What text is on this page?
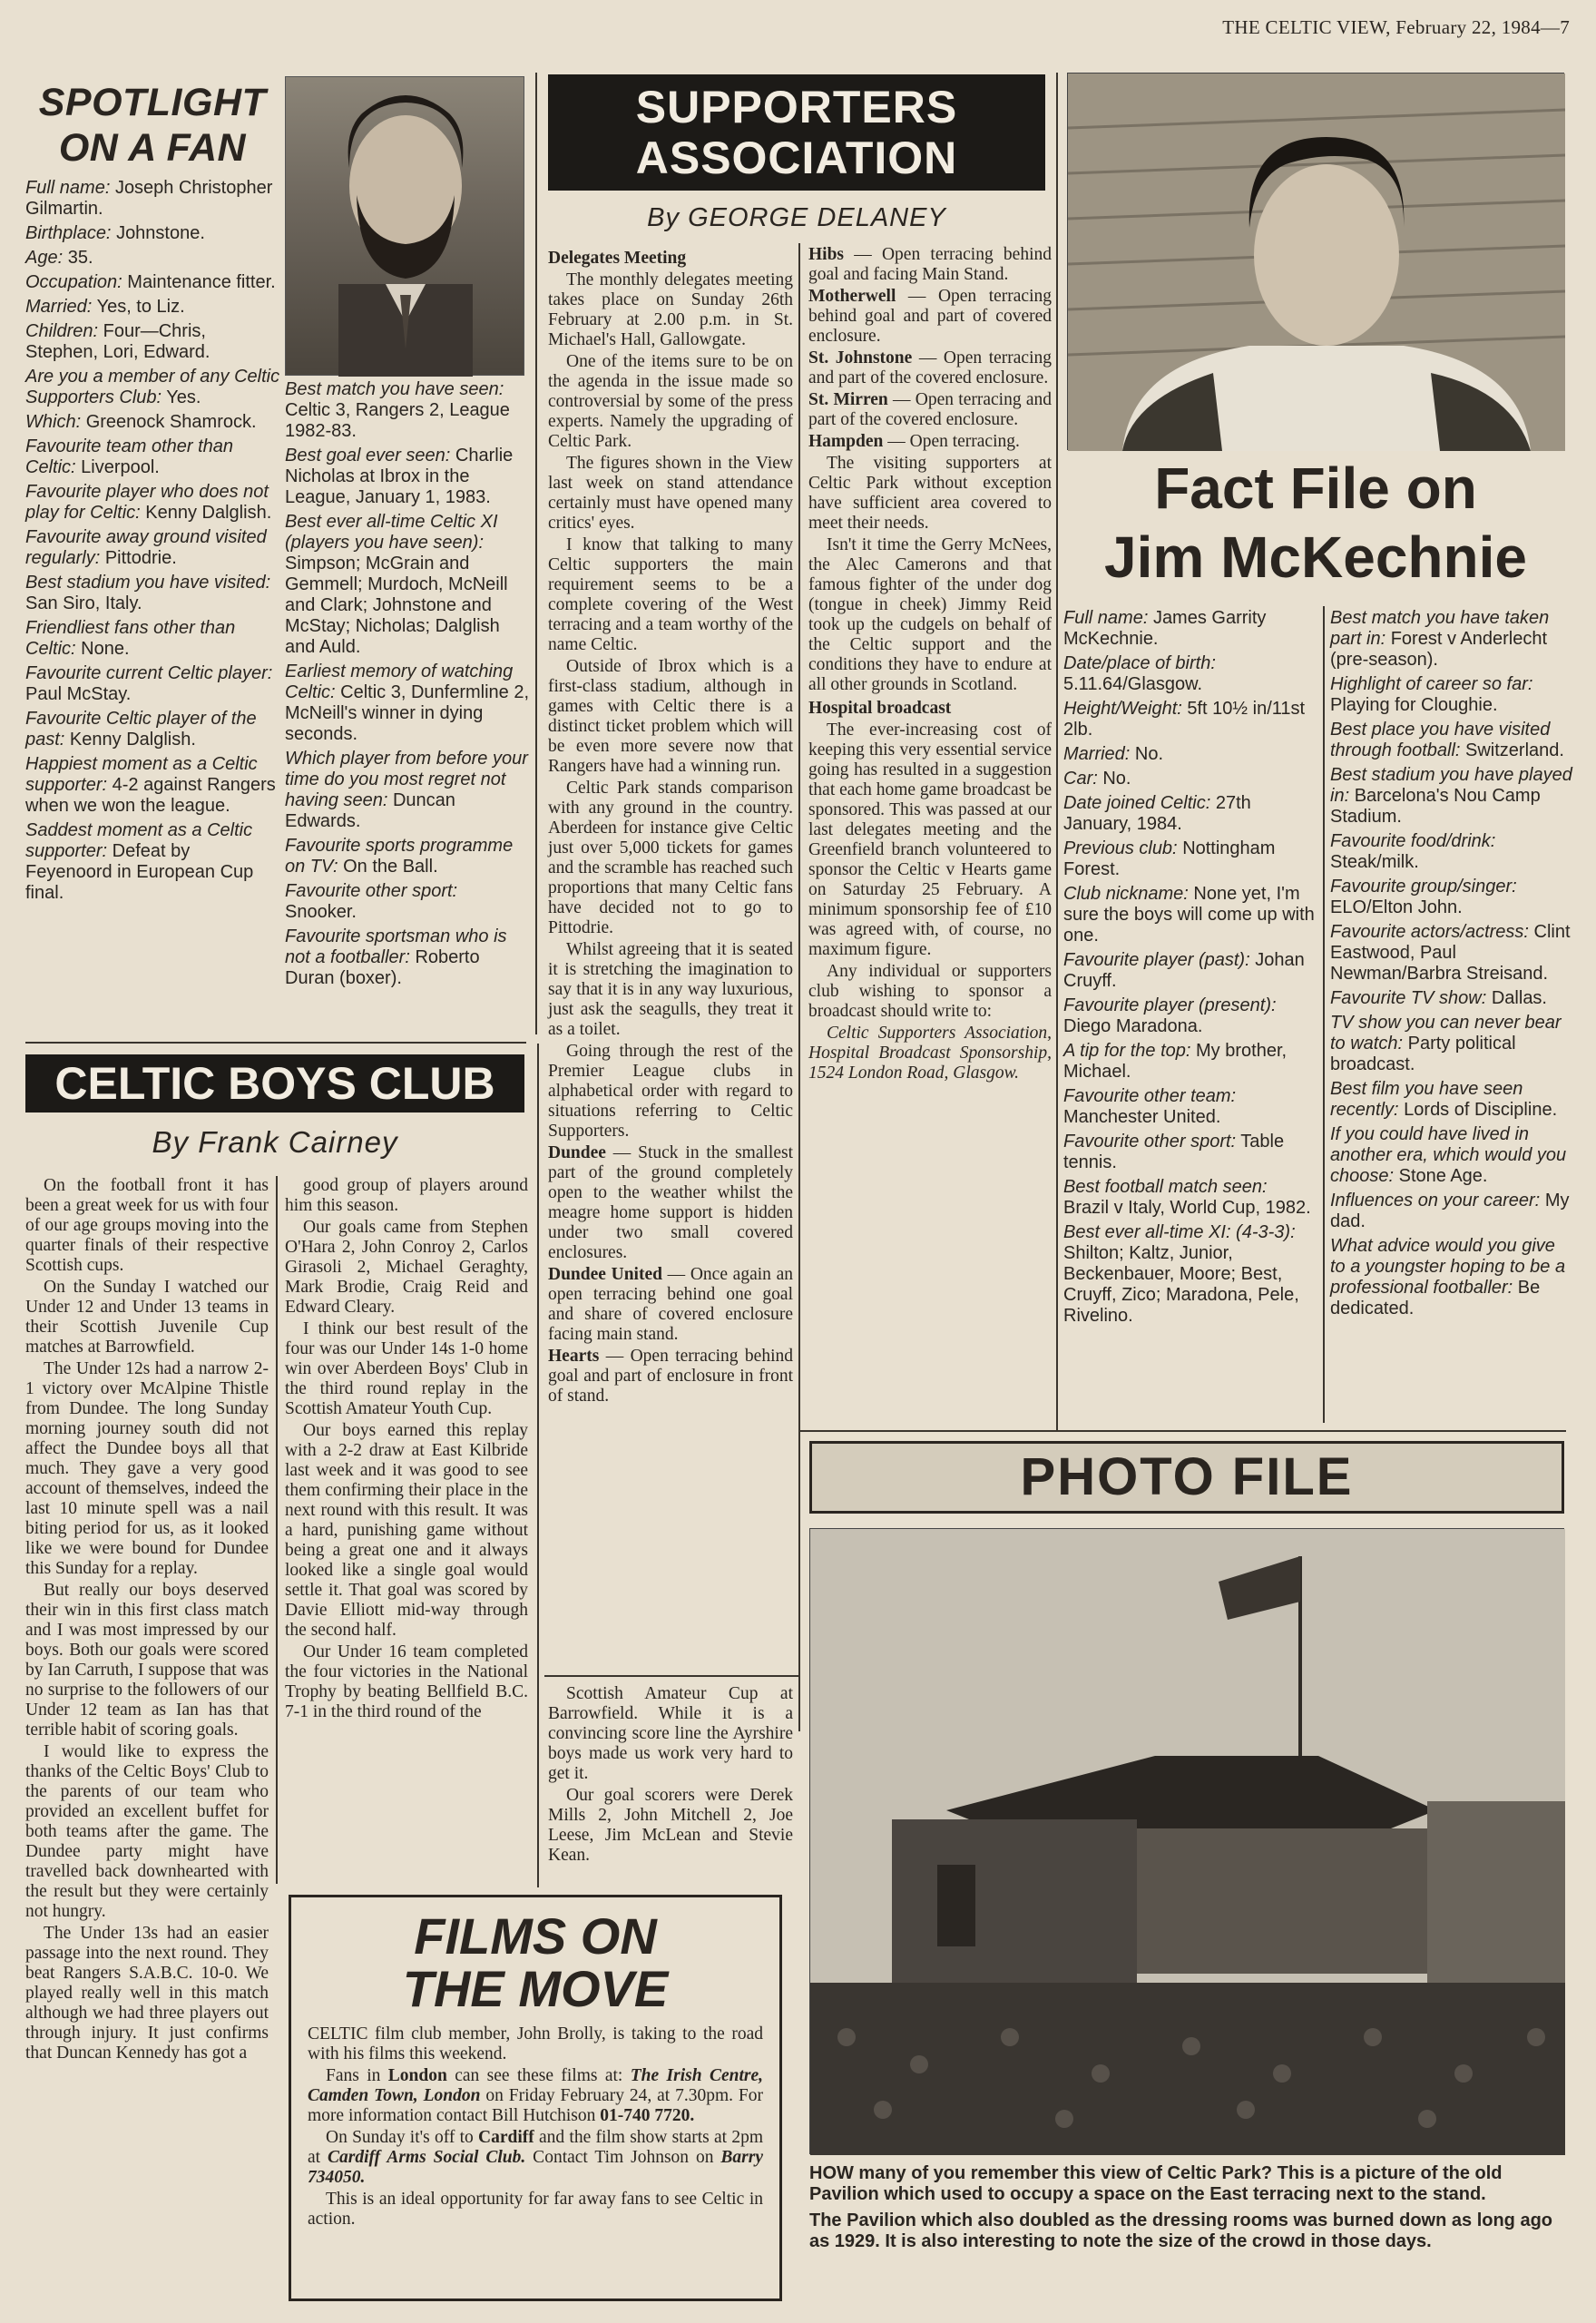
THE CELTIC VIEW, February 22, 1984—7
SPOTLIGHT
ON A FAN

Full name: Joseph Christopher Gilmartin.

Birthplace: Johnstone.

Age: 35.

Occupation: Maintenance fitter.

Married: Yes, to Liz.

Children: Four—Chris, Stephen, Lori, Edward.

Are you a member of any Celtic Supporters Club: Yes.

Which: Greenock Shamrock.

Favourite team other than Celtic: Liverpool.

Favourite player who does not play for Celtic: Kenny Dalglish.

Favourite away ground visited regularly: Pittodrie.

Best stadium you have visited: San Siro, Italy.

Friendliest fans other than Celtic: None.

Favourite current Celtic player: Paul McStay.

Favourite Celtic player of the past: Kenny Dalglish.

Happiest moment as a Celtic supporter: 4-2 against Rangers when we won the league.

Saddest moment as a Celtic supporter: Defeat by Feyenoord in European Cup final.

Best match you have seen: Celtic 3, Rangers 2, League 1982-83.

Best goal ever seen: Charlie Nicholas at Ibrox in the League, January 1, 1983.

Best ever all-time Celtic XI (players you have seen): Simpson; McGrain and Gemmell; Murdoch, McNeill and Clark; Johnstone and McStay; Nicholas; Dalglish and Auld.

Earliest memory of watching Celtic: Celtic 3, Dunfermline 2, McNeill's winner in dying seconds.

Which player from before your time do you most regret not having seen: Duncan Edwards.

Favourite sports programme on TV: On the Ball.

Favourite other sport: Snooker.

Favourite sportsman who is not a footballer: Roberto Duran (boxer).

SUPPORTERS
ASSOCIATION
By GEORGE DELANEY

Delegates Meeting

The monthly delegates meeting takes place on Sunday 26th February at 2.00 p.m. in St. Michael's Hall, Gallowgate.

One of the items sure to be on the agenda in the issue made so controversial by some of the press experts. Namely the upgrading of Celtic Park.

The figures shown in the View last week on stand attendance certainly must have opened many critics' eyes.

I know that talking to many Celtic supporters the main requirement seems to be a complete covering of the West terracing and a team worthy of the name Celtic.

Outside of Ibrox which is a first-class stadium, although in games with Celtic there is a distinct ticket problem which will be even more severe now that Rangers have had a winning run.

Celtic Park stands comparison with any ground in the country. Aberdeen for instance give Celtic just over 5,000 tickets for games and the scramble has reached such proportions that many Celtic fans have decided not to go to Pittodrie.

Whilst agreeing that it is seated it is stretching the imagination to say that it is in any way luxurious, just ask the seagulls, they treat it as a toilet.

Going through the rest of the Premier League clubs in alphabetical order with regard to situations referring to Celtic Supporters.

Dundee — Stuck in the smallest part of the ground completely open to the weather whilst the meagre home support is hidden under two small covered enclosures.

Dundee United — Once again an open terracing behind one goal and share of covered enclosure facing main stand.

Hearts — Open terracing behind goal and part of enclosure in front of stand.

Hibs — Open terracing behind goal and facing Main Stand.

Motherwell — Open terracing behind goal and part of covered enclosure.

St. Johnstone — Open terracing and part of the covered enclosure.

St. Mirren — Open terracing and part of the covered enclosure.

Hampden — Open terracing.

The visiting supporters at Celtic Park without exception have sufficient area covered to meet their needs.

Isn't it time the Gerry McNees, the Alec Camerons and that famous fighter of the under dog (tongue in cheek) Jimmy Reid took up the cudgels on behalf of the Celtic support and the conditions they have to endure at all other grounds in Scotland.

Hospital broadcast

The ever-increasing cost of keeping this very essential service going has resulted in a suggestion that each home game broadcast be sponsored. This was passed at our last delegates meeting and the Greenfield branch volunteered to sponsor the Celtic v Hearts game on Saturday 25 February. A minimum sponsorship fee of £10 was agreed with, of course, no maximum figure.

Any individual or supporters club wishing to sponsor a broadcast should write to:

Celtic Supporters Association, Hospital Broadcast Sponsorship, 1524 London Road, Glasgow.

Fact File on
Jim McKechnie

Full name: James Garrity McKechnie.

Date/place of birth: 5.11.64/Glasgow.

Height/Weight: 5ft 10½ in/11st 2lb.

Married: No.

Car: No.

Date joined Celtic: 27th January, 1984.

Previous club: Nottingham Forest.

Club nickname: None yet, I'm sure the boys will come up with one.

Favourite player (past): Johan Cruyff.

Favourite player (present): Diego Maradona.

A tip for the top: My brother, Michael.

Favourite other team: Manchester United.

Favourite other sport: Table tennis.

Best football match seen: Brazil v Italy, World Cup, 1982.

Best ever all-time XI: (4-3-3): Shilton; Kaltz, Junior, Beckenbauer, Moore; Best, Cruyff, Zico; Maradona, Pele, Rivelino.

Best match you have taken part in: Forest v Anderlecht (pre-season).

Highlight of career so far: Playing for Cloughie.

Best place you have visited through football: Switzerland.

Best stadium you have played in: Barcelona's Nou Camp Stadium.

Favourite food/drink: Steak/milk.

Favourite group/singer: ELO/Elton John.

Favourite actors/actress: Clint Eastwood, Paul Newman/Barbra Streisand.

Favourite TV show: Dallas.

TV show you can never bear to watch: Party political broadcast.

Best film you have seen recently: Lords of Discipline.

If you could have lived in another era, which would you choose: Stone Age.

Influences on your career: My dad.

What advice would you give to a youngster hoping to be a professional footballer: Be dedicated.

CELTIC BOYS CLUB
By Frank Cairney

On the football front it has been a great week for us with four of our age groups moving into the quarter finals of their respective Scottish cups.

On the Sunday I watched our Under 12 and Under 13 teams in their Scottish Juvenile Cup matches at Barrowfield.

The Under 12s had a narrow 2-1 victory over McAlpine Thistle from Dundee. The long Sunday morning journey south did not affect the Dundee boys all that much. They gave a very good account of themselves, indeed the last 10 minute spell was a nail biting period for us, as it looked like we were bound for Dundee this Sunday for a replay.

But really our boys deserved their win in this first class match and I was most impressed by our boys. Both our goals were scored by Ian Carruth, I suppose that was no surprise to the followers of our Under 12 team as Ian has that terrible habit of scoring goals.

I would like to express the thanks of the Celtic Boys' Club to the parents of our team who provided an excellent buffet for both teams after the game. The Dundee party might have travelled back downhearted with the result but they were certainly not hungry.

The Under 13s had an easier passage into the next round. They beat Rangers S.A.B.C. 10-0. We played really well in this match although we had three players out through injury. It just confirms that Duncan Kennedy has got a

good group of players around him this season.

Our goals came from Stephen O'Hara 2, John Conroy 2, Carlos Girasoli 2, Michael Geraghty, Mark Brodie, Craig Reid and Edward Cleary.

I think our best result of the four was our Under 14s 1-0 home win over Aberdeen Boys' Club in the third round replay in the Scottish Amateur Youth Cup.

Our boys earned this replay with a 2-2 draw at East Kilbride last week and it was good to see them confirming their place in the next round with this result. It was a hard, punishing game without being a great one and it always looked like a single goal would settle it. That goal was scored by Davie Elliott mid-way through the second half.

Our Under 16 team completed the four victories in the National Trophy by beating Bellfield B.C. 7-1 in the third round of the

Scottish Amateur Cup at Barrowfield. While it is a convincing score line the Ayrshire boys made us work very hard to get it.

Our goal scorers were Derek Mills 2, John Mitchell 2, Joe Leese, Jim McLean and Stevie Kean.

FILMS ON
THE MOVE

CELTIC film club member, John Brolly, is taking to the road with his films this weekend.

Fans in London can see these films at: The Irish Centre, Camden Town, London on Friday February 24, at 7.30pm. For more information contact Bill Hutchison 01-740 7720.

On Sunday it's off to Cardiff and the film show starts at 2pm at Cardiff Arms Social Club. Contact Tim Johnson on Barry 734050.

This is an ideal opportunity for far away fans to see Celtic in action.

PHOTO FILE

HOW many of you remember this view of Celtic Park? This is a picture of the old Pavilion which used to occupy a space on the East terracing next to the stand.

The Pavilion which also doubled as the dressing rooms was burned down as long ago as 1929. It is also interesting to note the size of the crowd in those days.
